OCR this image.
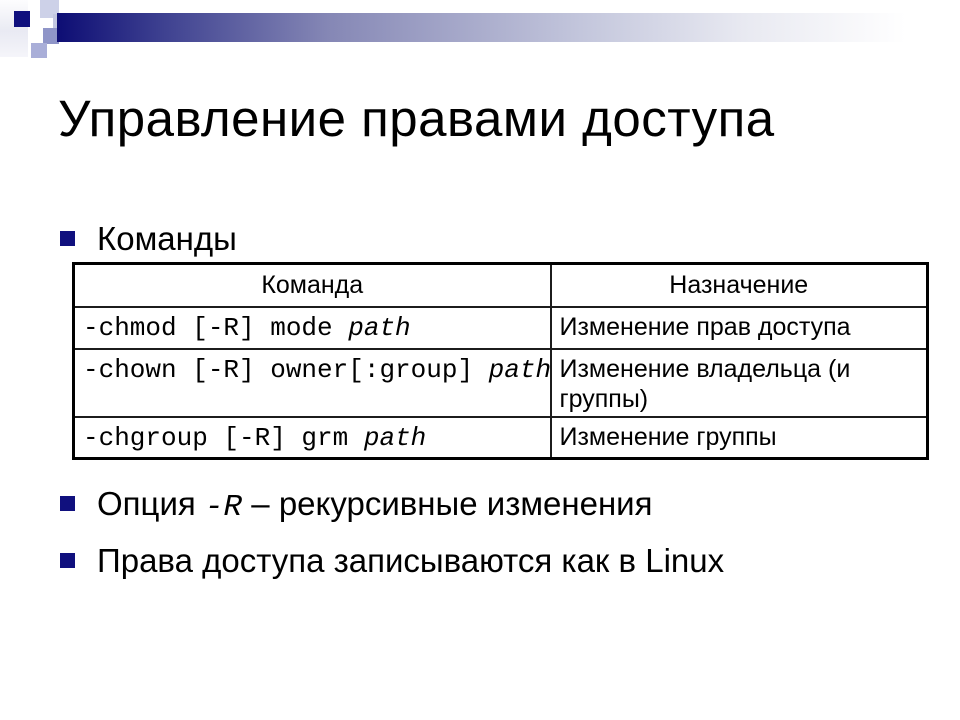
Управление правами доступа
Команды
Команда	Назначение
-chmod [-R] mode path	Изменение прав доступа
-chown [-R] owner[:group] path	Изменение владельца (и группы)
-chgroup [-R] grm path	Изменение группы
Опция -R – рекурсивные изменения
Права доступа записываются как в Linux
